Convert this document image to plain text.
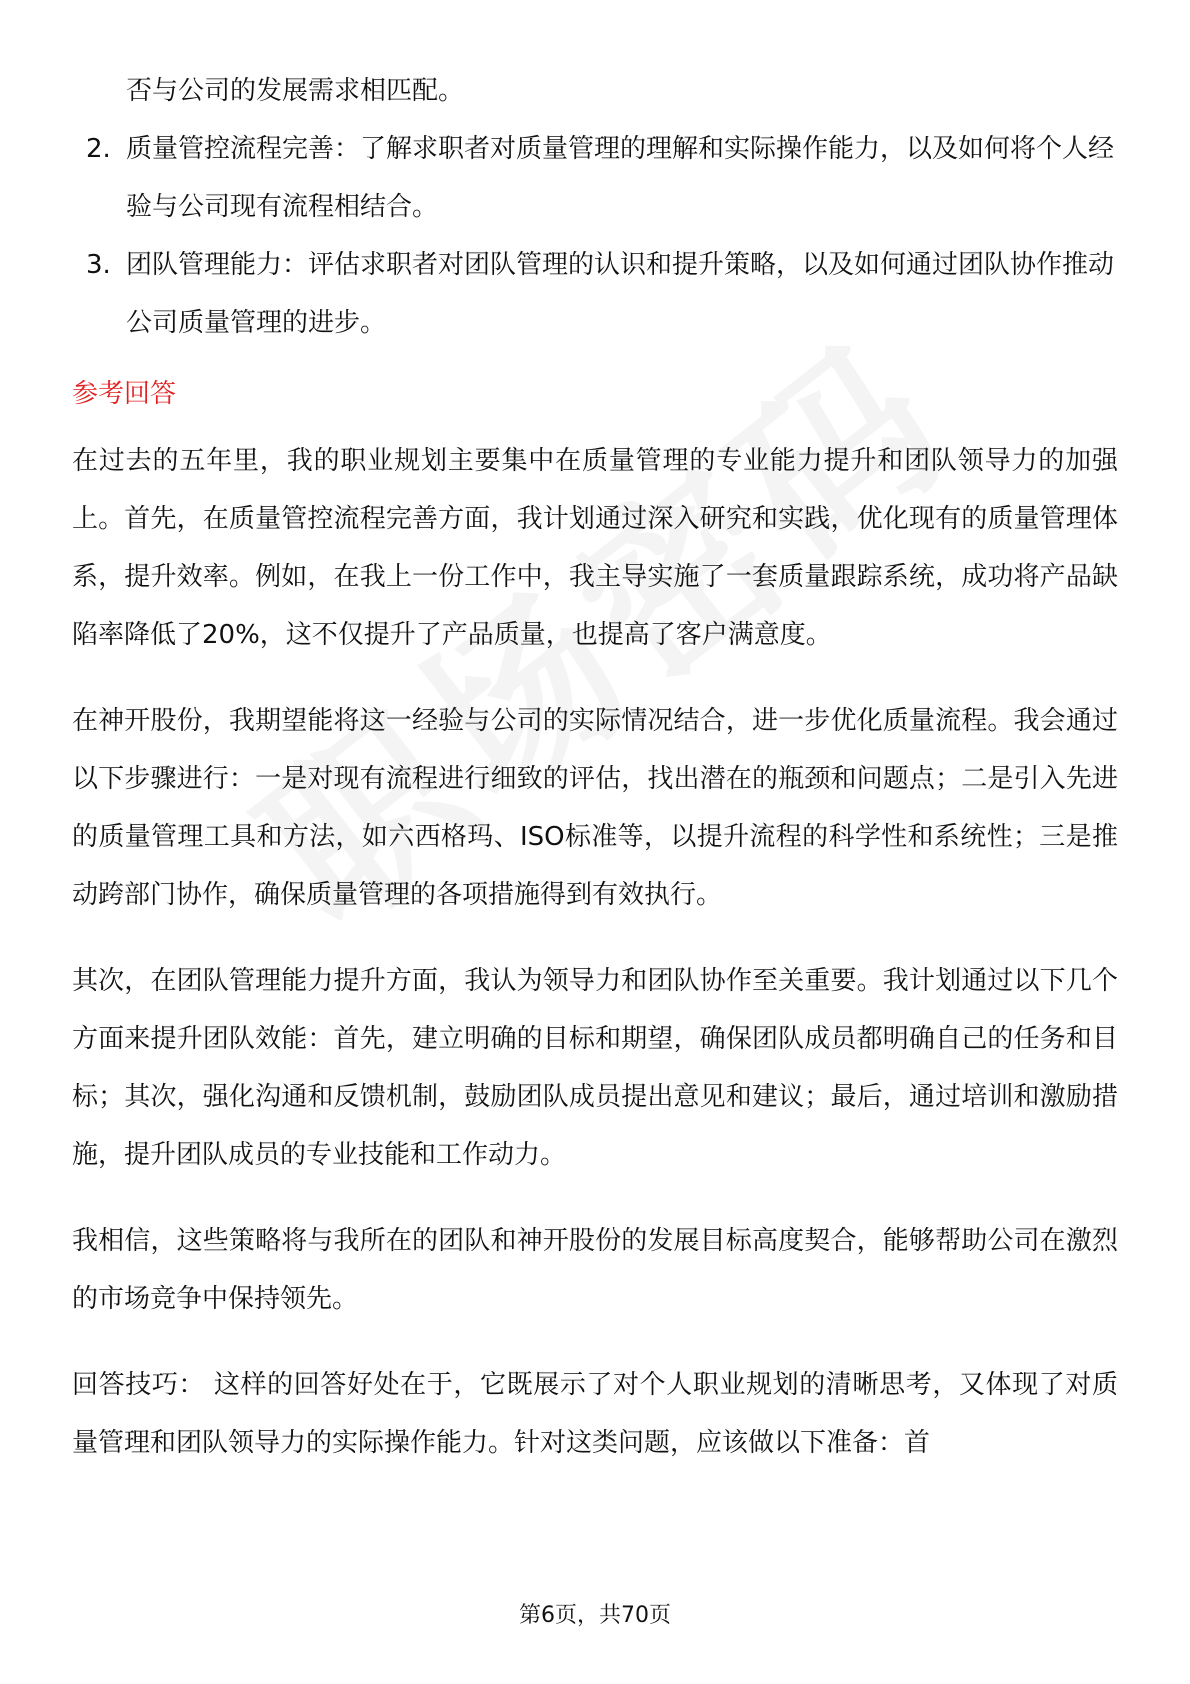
否与公司的发展需求相匹配。
2. 质量管控流程完善：了解求职者对质量管理的理解和实际操作能力，以及如何将个人经验与公司现有流程相结合。
3. 团队管理能力：评估求职者对团队管理的认识和提升策略，以及如何通过团队协作推动公司质量管理的进步。
参考回答

在过去的五年里，我的职业规划主要集中在质量管理的专业能力提升和团队领导力的加强上。首先，在质量管控流程完善方面，我计划通过深入研究和实践，优化现有的质量管理体系，提升效率。例如，在我上一份工作中，我主导实施了一套质量跟踪系统，成功将产品缺陷率降低了20%，这不仅提升了产品质量，也提高了客户满意度。

在神开股份，我期望能将这一经验与公司的实际情况结合，进一步优化质量流程。我会通过以下步骤进行：一是对现有流程进行细致的评估，找出潜在的瓶颈和问题点；二是引入先进的质量管理工具和方法，如六西格玛、ISO标准等，以提升流程的科学性和系统性；三是推动跨部门协作，确保质量管理的各项措施得到有效执行。

其次，在团队管理能力提升方面，我认为领导力和团队协作至关重要。我计划通过以下几个方面来提升团队效能：首先，建立明确的目标和期望，确保团队成员都明确自己的任务和目标；其次，强化沟通和反馈机制，鼓励团队成员提出意见和建议；最后，通过培训和激励措施，提升团队成员的专业技能和工作动力。

我相信，这些策略将与我所在的团队和神开股份的发展目标高度契合，能够帮助公司在激烈的市场竞争中保持领先。

回答技巧： 这样的回答好处在于，它既展示了对个人职业规划的清晰思考，又体现了对质量管理和团队领导力的实际操作能力。针对这类问题，应该做以下准备：首

第6页，共70页
